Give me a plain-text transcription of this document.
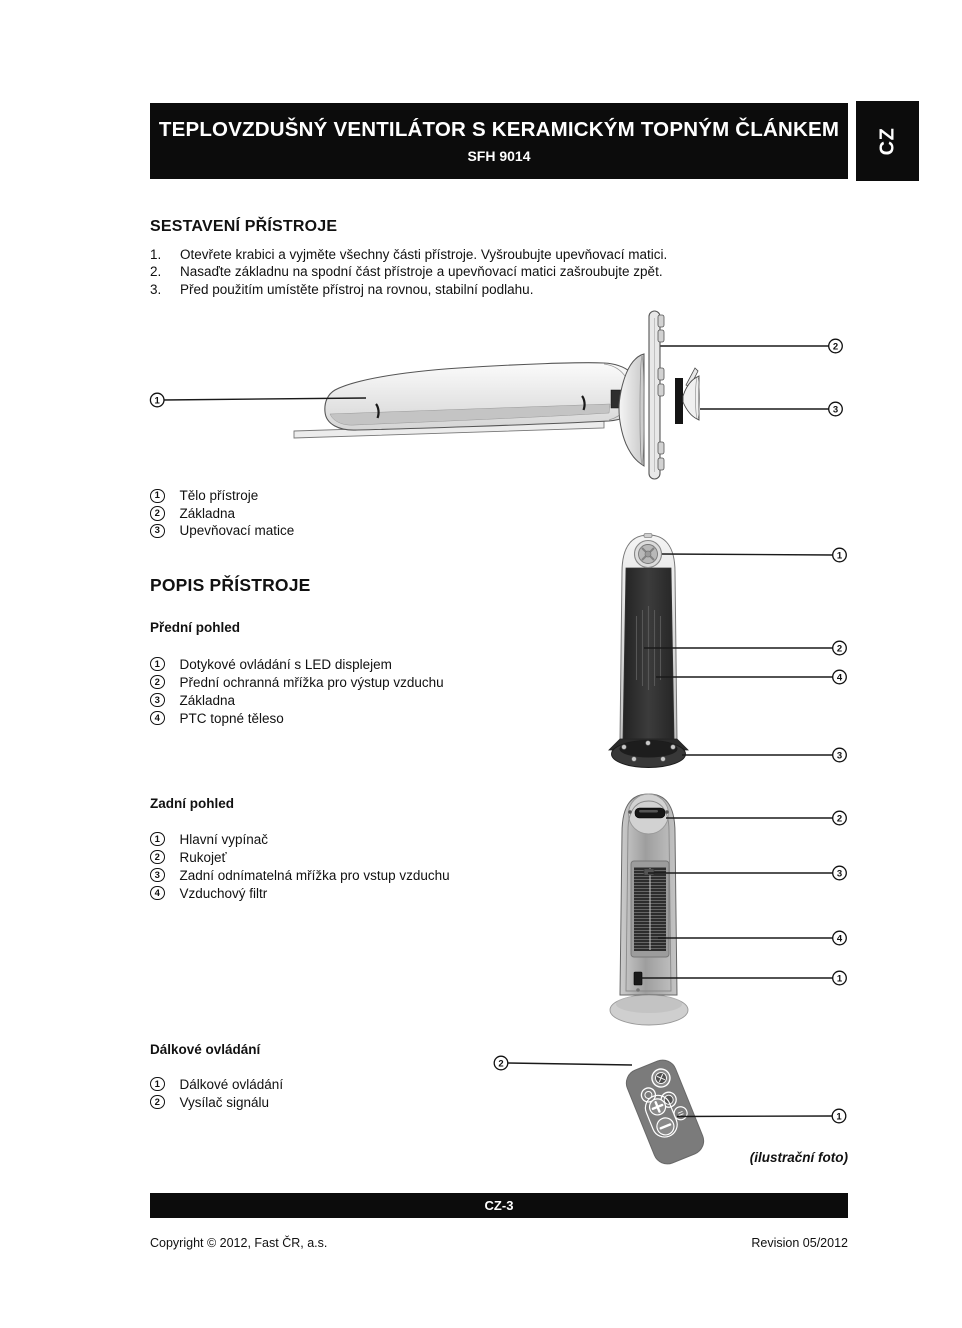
TEPLOVZDUŠNÝ VENTILÁTOR S KERAMICKÝM TOPNÝM ČLÁNKEM
SFH 9014
CZ
SESTAVENÍ PŘÍSTROJE
1.	Otevřete krabici a vyjměte všechny části přístroje. Vyšroubujte upevňovací matici.
2.	Nasaďte základnu na spodní část přístroje a upevňovací matici zašroubujte zpět.
3.	Před použitím umístěte přístroj na rovnou, stabilní podlahu.
1
2
3
1	Tělo přístroje
2	Základna
3	Upevňovací matice
POPIS PŘÍSTROJE
Přední pohled
1	Dotykové ovládání s LED displejem
2	Přední ochranná mřížka pro výstup vzduchu
3	Základna
4	PTC topné těleso
1
2
4
3
Zadní pohled
1	Hlavní vypínač
2	Rukojeť
3	Zadní odnímatelná mřížka pro vstup vzduchu
4	Vzduchový filtr
2
3
4
1
Dálkové ovládání
1	Dálkové ovládání
2	Vysílač signálu
2
1
(ilustrační foto)
CZ-3
Copyright © 2012, Fast ČR, a.s.	Revision 05/2012
